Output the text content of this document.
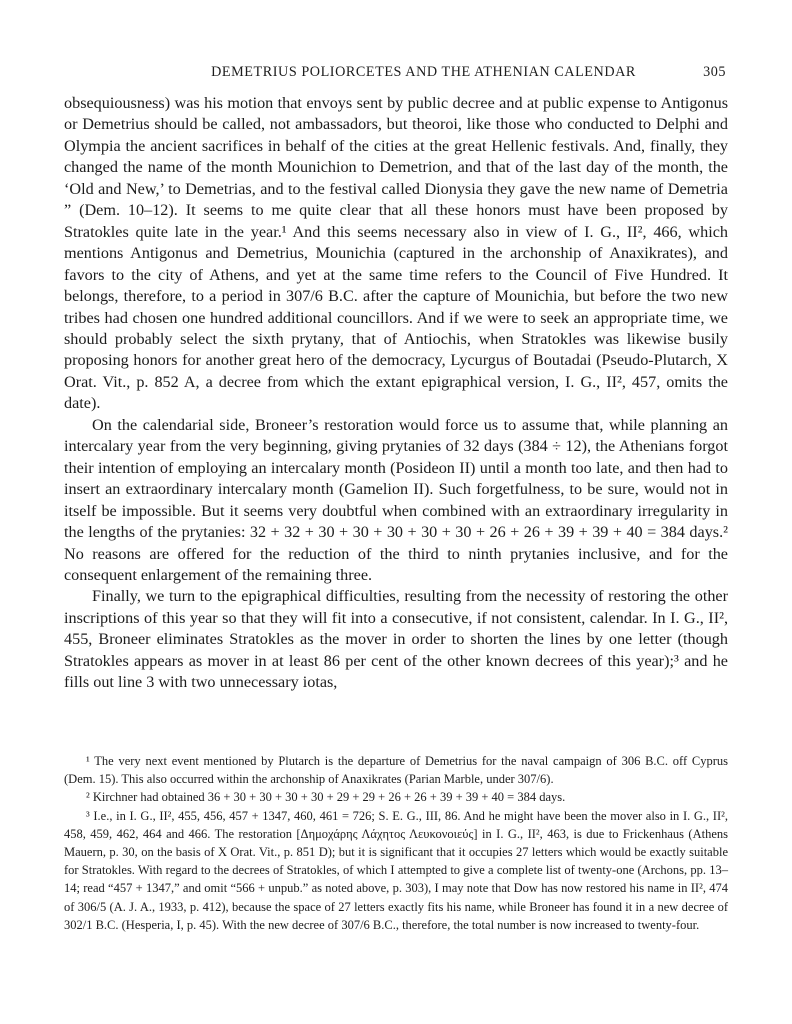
DEMETRIUS POLIORCETES AND THE ATHENIAN CALENDAR	305

obsequiousness) was his motion that envoys sent by public decree and at public expense to Antigonus or Demetrius should be called, not ambassadors, but theoroi, like those who conducted to Delphi and Olympia the ancient sacrifices in behalf of the cities at the great Hellenic festivals. And, finally, they changed the name of the month Mounichion to Demetrion, and that of the last day of the month, the ‘Old and New,’ to Demetrias, and to the festival called Dionysia they gave the new name of Demetria ” (Dem. 10–12). It seems to me quite clear that all these honors must have been proposed by Stratokles quite late in the year.¹ And this seems necessary also in view of I. G., II², 466, which mentions Antigonus and Demetrius, Mounichia (captured in the archonship of Anaxikrates), and favors to the city of Athens, and yet at the same time refers to the Council of Five Hundred. It belongs, therefore, to a period in 307/6 B.C. after the capture of Mounichia, but before the two new tribes had chosen one hundred additional councillors. And if we were to seek an appropriate time, we should probably select the sixth prytany, that of Antiochis, when Stratokles was likewise busily proposing honors for another great hero of the democracy, Lycurgus of Boutadai (Pseudo-Plutarch, X Orat. Vit., p. 852 A, a decree from which the extant epigraphical version, I. G., II², 457, omits the date).

On the calendarial side, Broneer’s restoration would force us to assume that, while planning an intercalary year from the very beginning, giving prytanies of 32 days (384 ÷ 12), the Athenians forgot their intention of employing an intercalary month (Posideon II) until a month too late, and then had to insert an extraordinary intercalary month (Gamelion II). Such forgetfulness, to be sure, would not in itself be impossible. But it seems very doubtful when combined with an extraordinary irregularity in the lengths of the prytanies: 32 + 32 + 30 + 30 + 30 + 30 + 30 + 26 + 26 + 39 + 39 + 40 = 384 days.² No reasons are offered for the reduction of the third to ninth prytanies inclusive, and for the consequent enlargement of the remaining three.

Finally, we turn to the epigraphical difficulties, resulting from the necessity of restoring the other inscriptions of this year so that they will fit into a consecutive, if not consistent, calendar. In I. G., II², 455, Broneer eliminates Stratokles as the mover in order to shorten the lines by one letter (though Stratokles appears as mover in at least 86 per cent of the other known decrees of this year);³ and he fills out line 3 with two unnecessary iotas,

¹ The very next event mentioned by Plutarch is the departure of Demetrius for the naval campaign of 306 B.C. off Cyprus (Dem. 15). This also occurred within the archonship of Anaxikrates (Parian Marble, under 307/6).

² Kirchner had obtained 36 + 30 + 30 + 30 + 30 + 29 + 29 + 26 + 26 + 39 + 39 + 40 = 384 days.

³ I.e., in I. G., II², 455, 456, 457 + 1347, 460, 461 = 726; S. E. G., III, 86. And he might have been the mover also in I. G., II², 458, 459, 462, 464 and 466. The restoration [Δημοχάρης Λάχητος Λευκονοιεύς] in I. G., II², 463, is due to Frickenhaus (Athens Mauern, p. 30, on the basis of X Orat. Vit., p. 851 D); but it is significant that it occupies 27 letters which would be exactly suitable for Stratokles. With regard to the decrees of Stratokles, of which I attempted to give a complete list of twenty-one (Archons, pp. 13–14; read “457 + 1347,” and omit “566 + unpub.” as noted above, p. 303), I may note that Dow has now restored his name in II², 474 of 306/5 (A. J. A., 1933, p. 412), because the space of 27 letters exactly fits his name, while Broneer has found it in a new decree of 302/1 B.C. (Hesperia, I, p. 45). With the new decree of 307/6 B.C., therefore, the total number is now increased to twenty-four.
